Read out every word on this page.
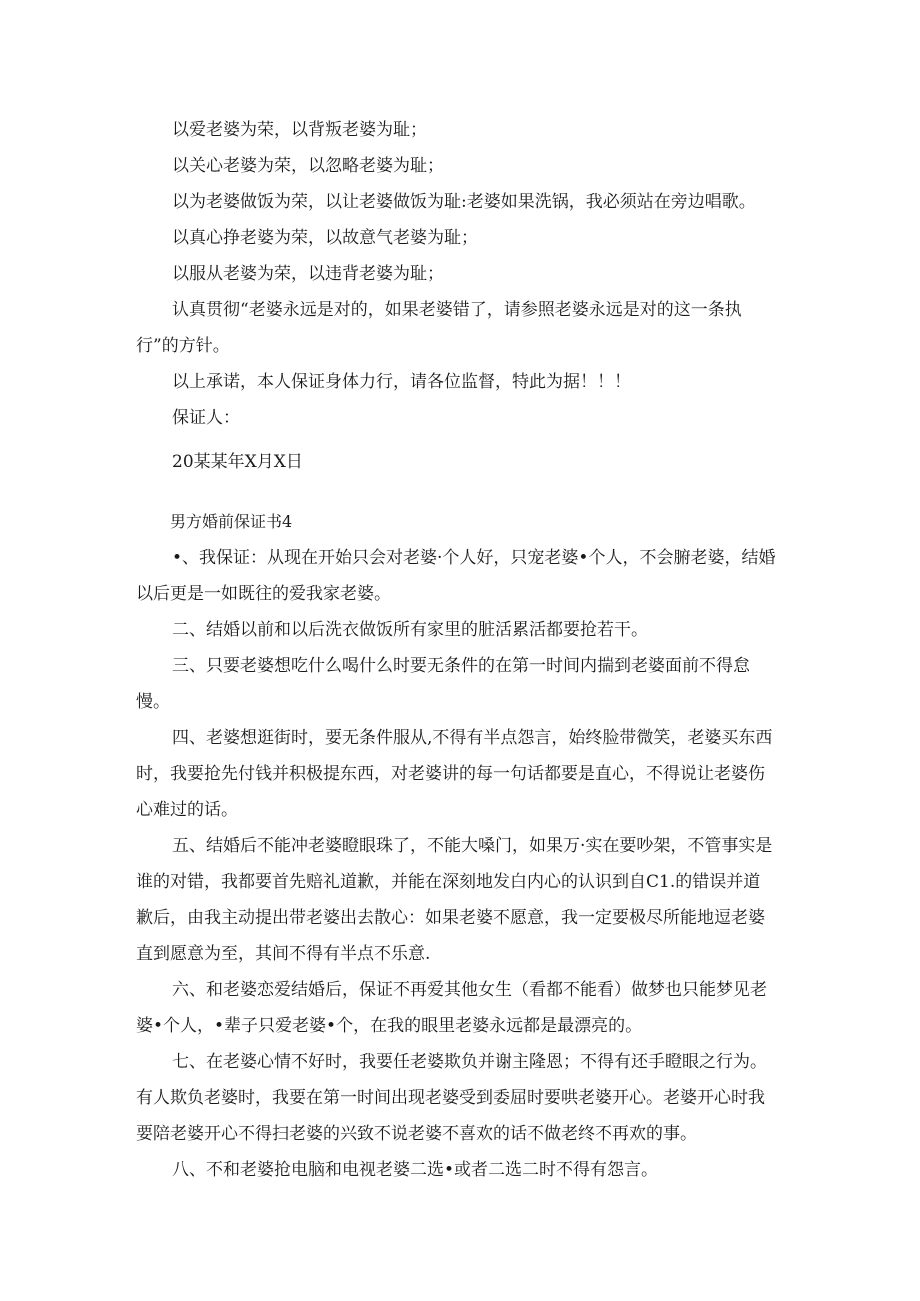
以爱老婆为荣，以背叛老婆为耻；

以关心老婆为荣，以忽略老婆为耻；

以为老婆做饭为荣，以让老婆做饭为耻:老婆如果洗锅，我必须站在旁边唱歌。

以真心挣老婆为荣，以故意气老婆为耻；

以服从老婆为荣，以违背老婆为耻；

认真贯彻“老婆永远是对的，如果老婆错了，请参照老婆永远是对的这一条执行”的方针。

以上承诺，本人保证身体力行，请各位监督，特此为据！！！

保证人：

20某某年X月X日

男方婚前保证书4

•、我保证：从现在开始只会对老婆·个人好，只宠老婆•个人，不会腑老婆，结婚以后更是一如既往的爱我家老婆。

二、结婚以前和以后洗衣做饭所有家里的脏活累活都要抢若干。

三、只要老婆想吃什么喝什么时要无条件的在第一时间内揣到老婆面前不得怠慢。

四、老婆想逛街时，要无条件服从,不得有半点怨言，始终脸带微笑，老婆买东西时，我要抢先付钱并积极提东西，对老婆讲的每一句话都要是直心，不得说让老婆伤心难过的话。

五、结婚后不能冲老婆瞪眼珠了，不能大嗓门，如果万·实在要吵架，不管事实是谁的对错，我都要首先赔礼道歉，并能在深刻地发白内心的认识到自C1.的错误并道歉后，由我主动提出带老婆出去散心：如果老婆不愿意，我一定要极尽所能地逗老婆直到愿意为至，其间不得有半点不乐意.

六、和老婆恋爱结婚后，保证不再爱其他女生（看都不能看）做梦也只能梦见老婆•个人，•辈子只爱老婆•个，在我的眼里老婆永远都是最漂亮的。

七、在老婆心情不好时，我要任老婆欺负并谢主隆恩；不得有还手瞪眼之行为。有人欺负老婆时，我要在第一时间出现老婆受到委屈时要哄老婆开心。老婆开心时我要陪老婆开心不得扫老婆的兴致不说老婆不喜欢的话不做老终不再欢的事。

八、不和老婆抢电脑和电视老婆二选•或者二选二时不得有怨言。
